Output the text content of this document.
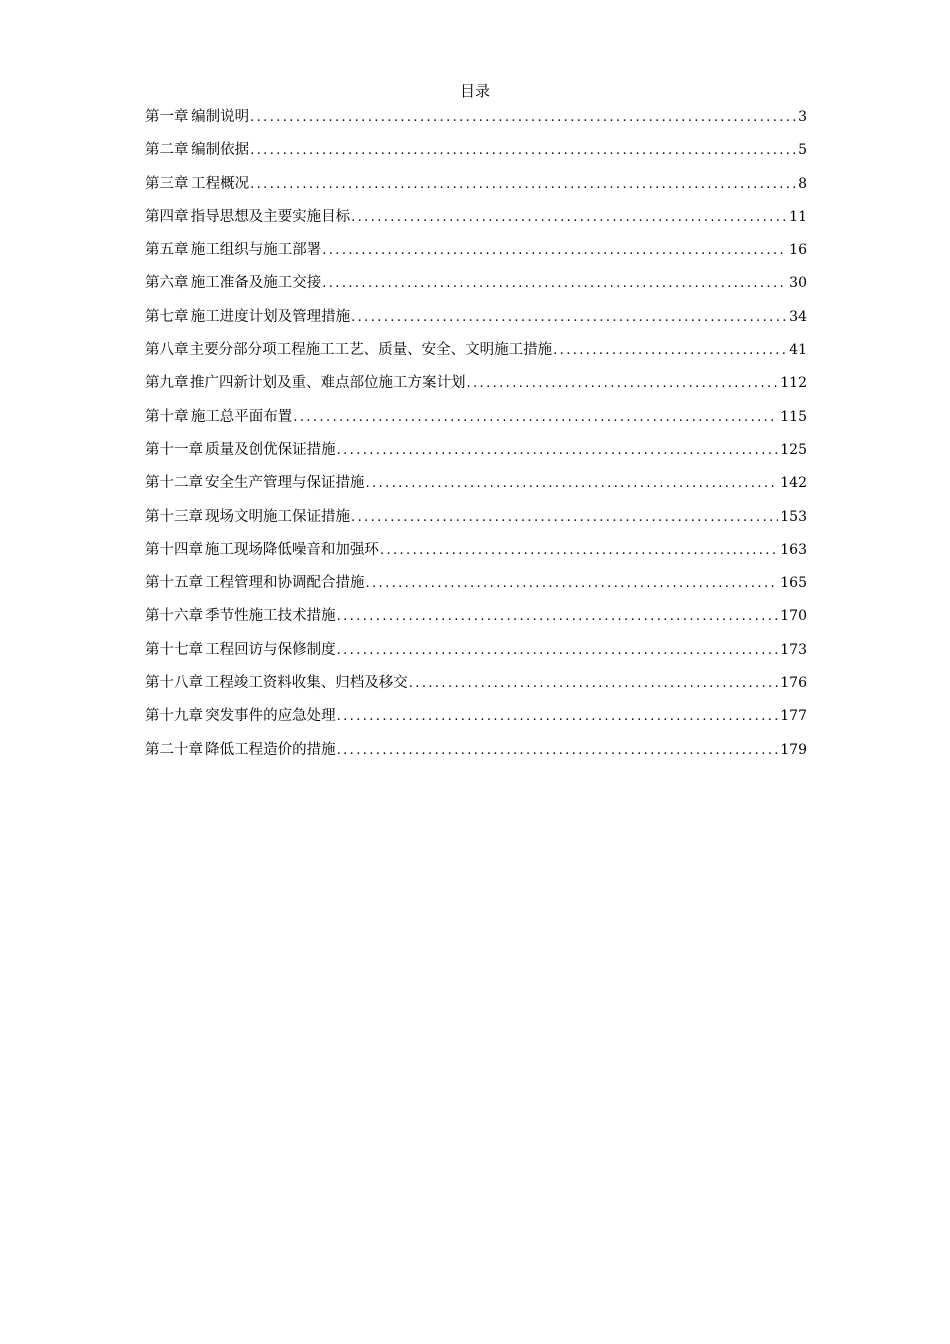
目录
第一章 编制说明 .....	3
第二章 编制依据 .....	5
第三章 工程概况 .....	8
第四章 指导思想及主要实施目标 .....	11
第五章 施工组织与施工部署 .....	16
第六章 施工准备及施工交接 .....	30
第七章 施工进度计划及管理措施 .....	34
第八章 主要分部分项工程施工工艺、质量、安全、文明施工措施 .....	41
第九章 推广四新计划及重、难点部位施工方案计划 .....	112
第十章 施工总平面布置 .....	115
第十一章 质量及创优保证措施 .....	125
第十二章 安全生产管理与保证措施 .....	142
第十三章 现场文明施工保证措施 .....	153
第十四章 施工现场降低噪音和加强环 .....	163
第十五章 工程管理和协调配合措施 .....	165
第十六章 季节性施工技术措施 .....	170
第十七章 工程回访与保修制度 .....	173
第十八章 工程竣工资料收集、归档及移交 .....	176
第十九章 突发事件的应急处理 .....	177
第二十章 降低工程造价的措施 .....	179
